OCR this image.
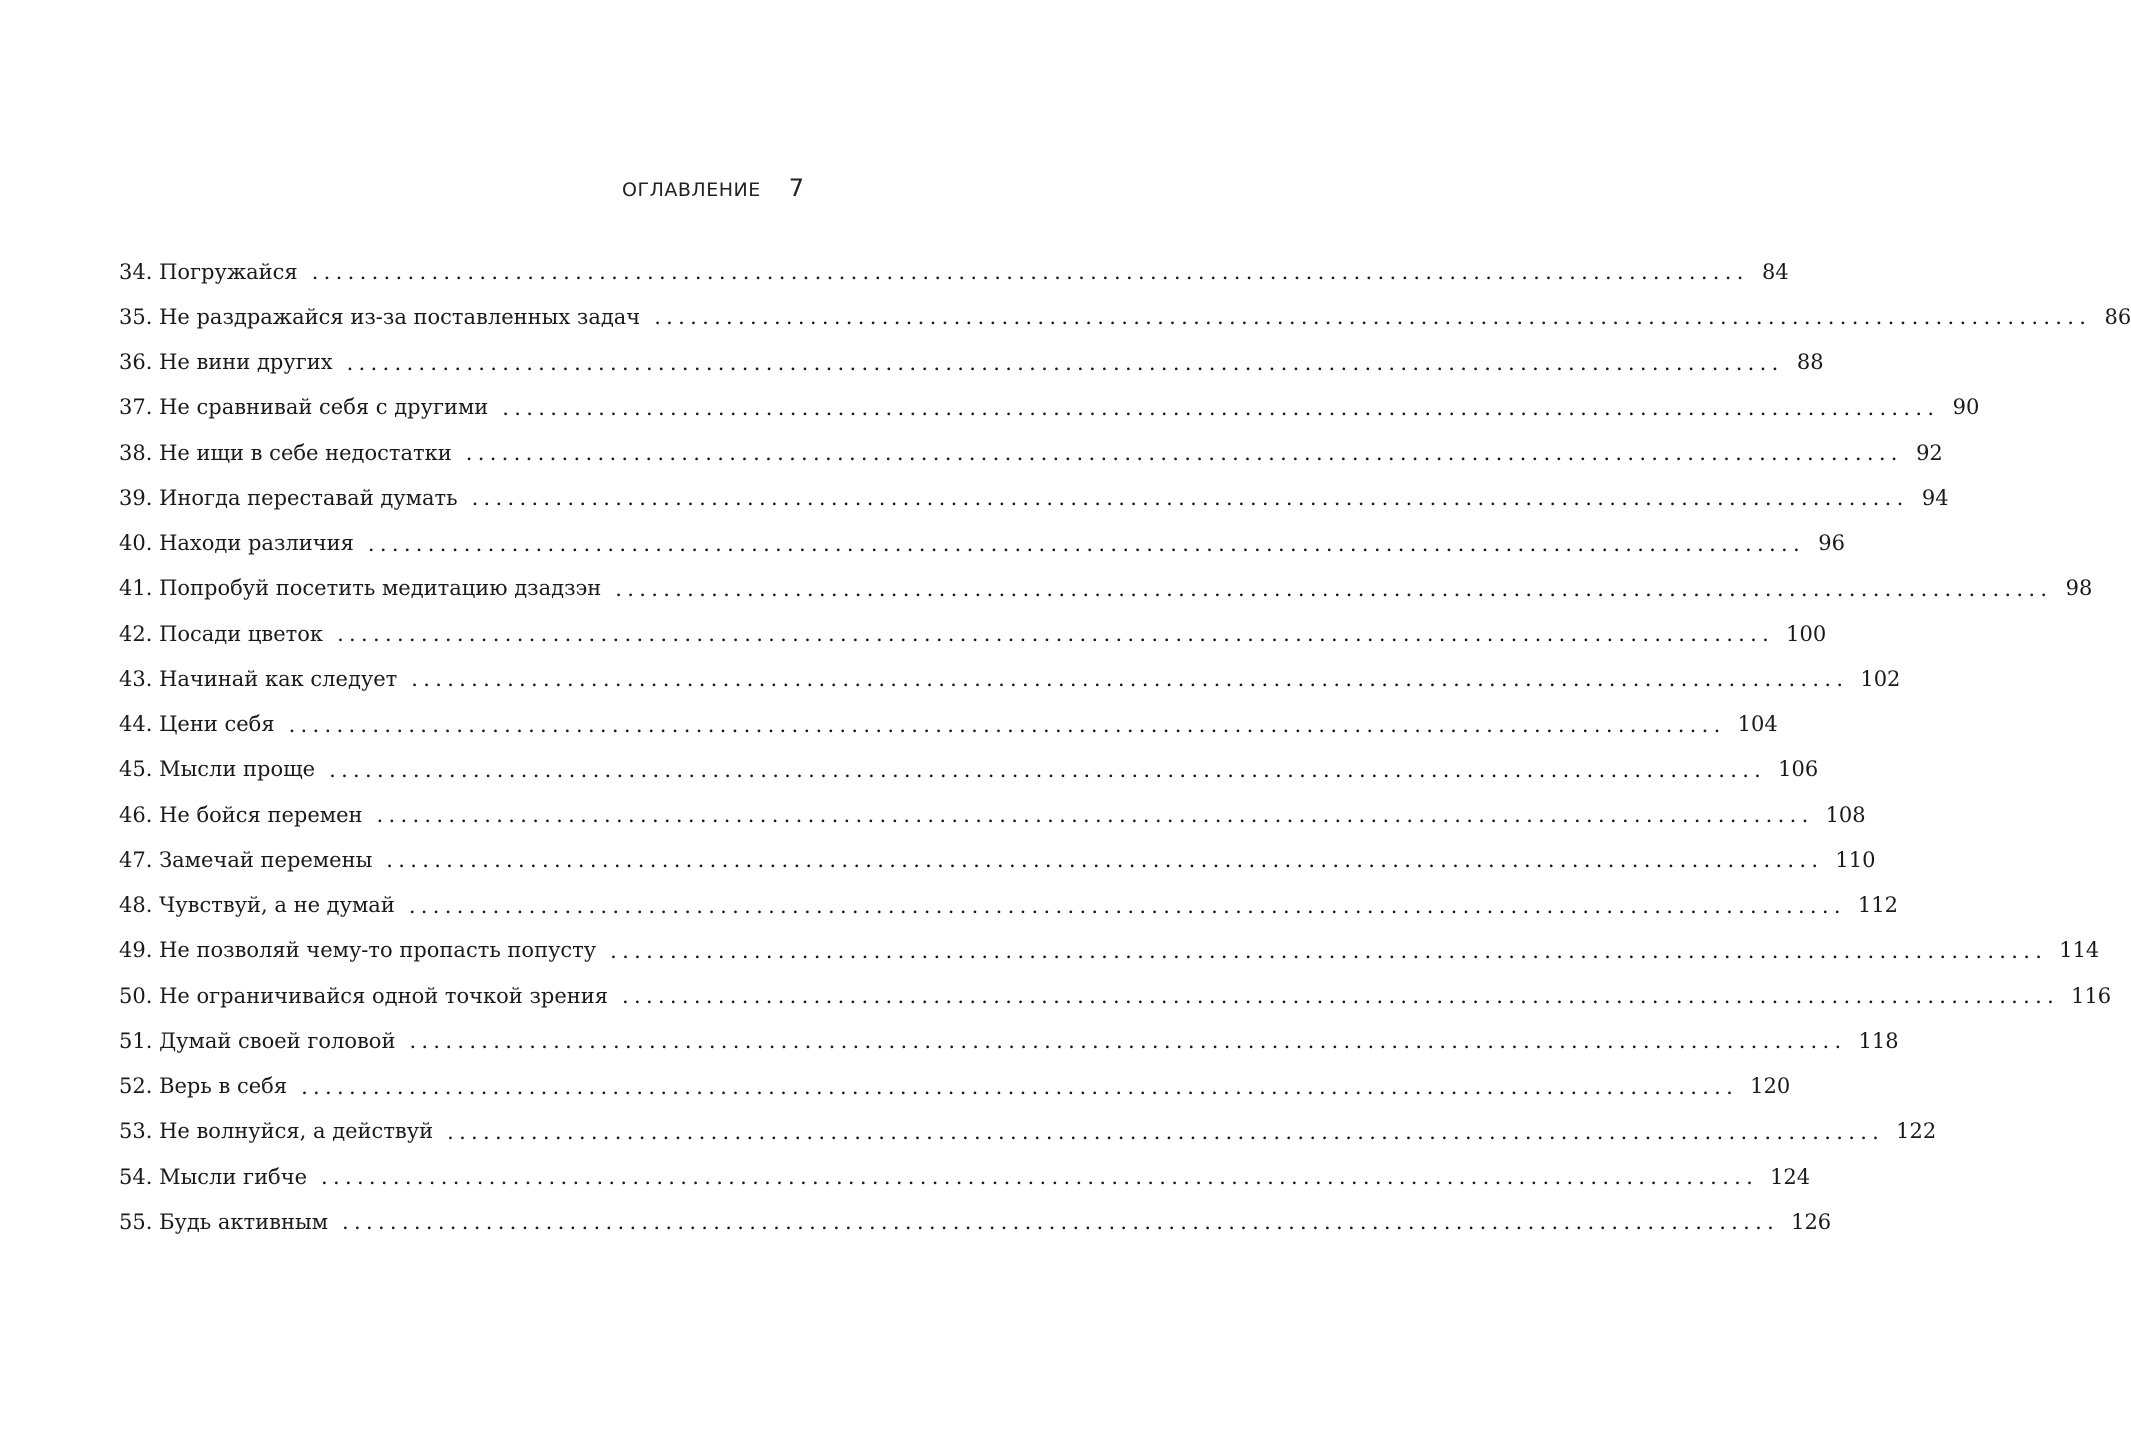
ОГЛАВЛЕНИЕ 7
34. Погружайся ........................................................................................................................ 84
35. Не раздражайся из-за поставленных задач ........................................................................................................................ 86
36. Не вини других ........................................................................................................................ 88
37. Не сравнивай себя с другими ........................................................................................................................ 90
38. Не ищи в себе недостатки ........................................................................................................................ 92
39. Иногда переставай думать ........................................................................................................................ 94
40. Находи различия ........................................................................................................................ 96
41. Попробуй посетить медитацию дзадзэн ........................................................................................................................ 98
42. Посади цветок ........................................................................................................................ 100
43. Начинай как следует ........................................................................................................................ 102
44. Цени себя ........................................................................................................................ 104
45. Мысли проще ........................................................................................................................ 106
46. Не бойся перемен ........................................................................................................................ 108
47. Замечай перемены ........................................................................................................................ 110
48. Чувствуй, а не думай ........................................................................................................................ 112
49. Не позволяй чему-то пропасть попусту ........................................................................................................................ 114
50. Не ограничивайся одной точкой зрения ........................................................................................................................ 116
51. Думай своей головой ........................................................................................................................ 118
52. Верь в себя ........................................................................................................................ 120
53. Не волнуйся, а действуй ........................................................................................................................ 122
54. Мысли гибче ........................................................................................................................ 124
55. Будь активным ........................................................................................................................ 126
